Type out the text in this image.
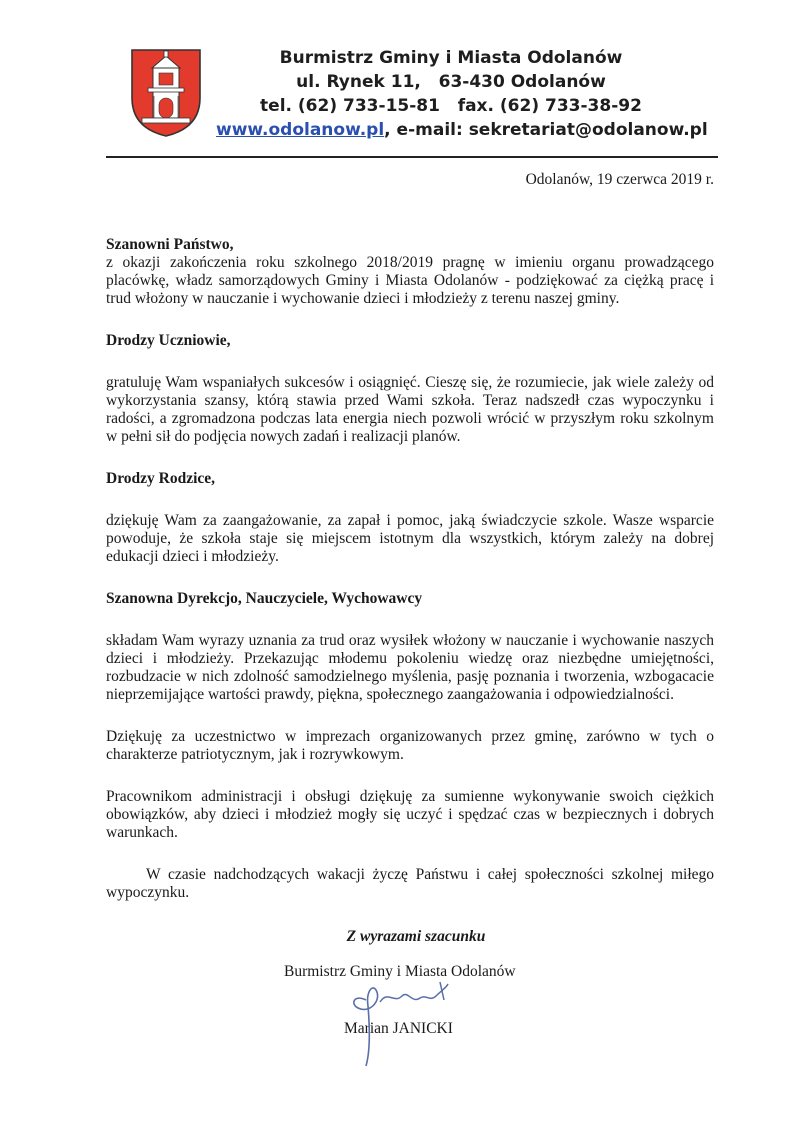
Burmistrz Gminy i Miasta Odolanów
ul. Rynek 11,   63-430 Odolanów
tel. (62) 733-15-81   fax. (62) 733-38-92
www.odolanow.pl, e-mail: sekretariat@odolanow.pl
Odolanów, 19 czerwca 2019 r.

Szanowni Państwo,

z okazji zakończenia roku szkolnego 2018/2019 pragnę w imieniu organu prowadzącego placówkę, władz samorządowych Gminy i Miasta Odolanów - podziękować za ciężką pracę i trud włożony w nauczanie i wychowanie dzieci i młodzieży z terenu naszej gminy.

Drodzy Uczniowie,

gratuluję Wam wspaniałych sukcesów i osiągnięć. Cieszę się, że rozumiecie, jak wiele zależy od wykorzystania szansy, którą stawia przed Wami szkoła. Teraz nadszedł czas wypoczynku i radości, a zgromadzona podczas lata energia niech pozwoli wrócić w przyszłym roku szkolnym w pełni sił do podjęcia nowych zadań i realizacji planów.

Drodzy Rodzice,

dziękuję Wam za zaangażowanie, za zapał i pomoc, jaką świadczycie szkole. Wasze wsparcie powoduje, że szkoła staje się miejscem istotnym dla wszystkich, którym zależy na dobrej edukacji dzieci i młodzieży.

Szanowna Dyrekcjo, Nauczyciele, Wychowawcy

składam Wam wyrazy uznania za trud oraz wysiłek włożony w nauczanie i wychowanie naszych dzieci i młodzieży. Przekazując młodemu pokoleniu wiedzę oraz niezbędne umiejętności, rozbudzacie w nich zdolność samodzielnego myślenia, pasję poznania i tworzenia, wzbogacacie nieprzemijające wartości prawdy, piękna, społecznego zaangażowania i odpowiedzialności.

Dziękuję za uczestnictwo w imprezach organizowanych przez gminę, zarówno w tych o charakterze patriotycznym, jak i rozrywkowym.

Pracownikom administracji i obsługi dziękuję za sumienne wykonywanie swoich ciężkich obowiązków, aby dzieci i młodzież mogły się uczyć i spędzać czas w bezpiecznych i dobrych warunkach.

W czasie nadchodzących wakacji życzę Państwu i całej społeczności szkolnej miłego wypoczynku.

Z wyrazami szacunku
Burmistrz Gminy i Miasta Odolanów
Marian JANICKI
